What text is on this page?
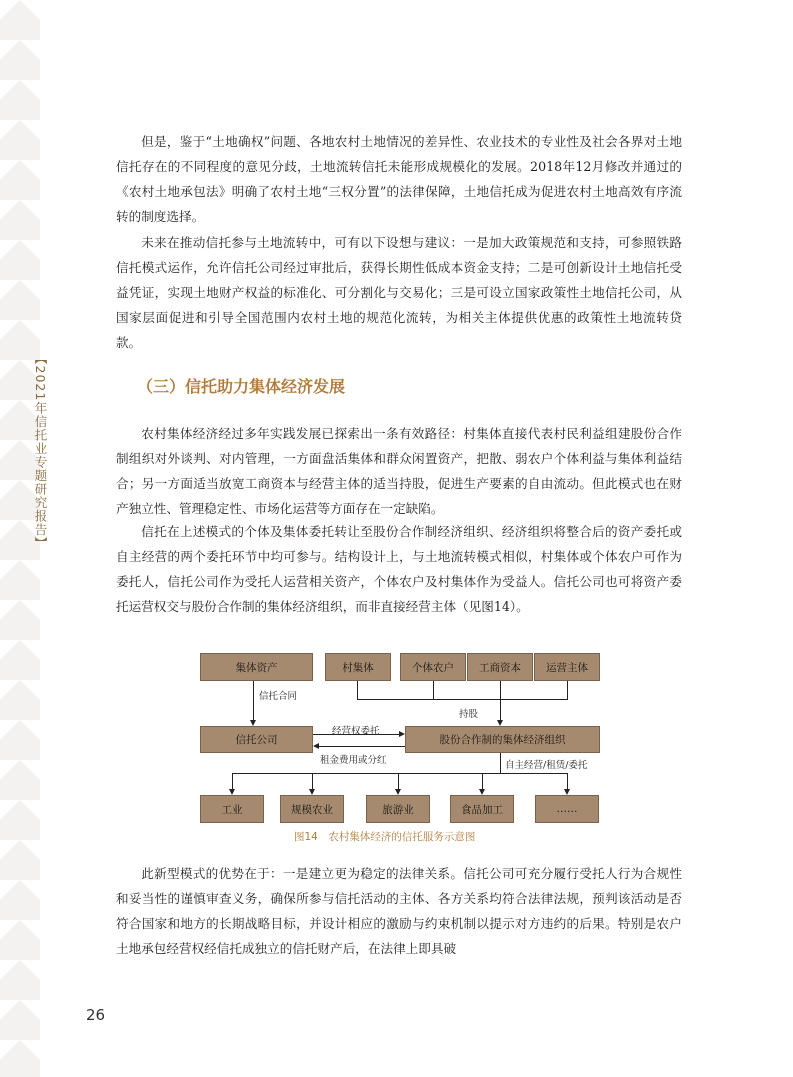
【2021年信托业专题研究报告】

但是，鉴于“土地确权”问题、各地农村土地情况的差异性、农业技术的专业性及社会各界对土地信托存在的不同程度的意见分歧，土地流转信托未能形成规模化的发展。2018年12月修改并通过的《农村土地承包法》明确了农村土地“三权分置”的法律保障，土地信托成为促进农村土地高效有序流转的制度选择。

未来在推动信托参与土地流转中，可有以下设想与建议：一是加大政策规范和支持，可参照铁路信托模式运作，允许信托公司经过审批后，获得长期性低成本资金支持；二是可创新设计土地信托受益凭证，实现土地财产权益的标准化、可分割化与交易化；三是可设立国家政策性土地信托公司，从国家层面促进和引导全国范围内农村土地的规范化流转，为相关主体提供优惠的政策性土地流转贷款。

（三）信托助力集体经济发展

农村集体经济经过多年实践发展已探索出一条有效路径：村集体直接代表村民利益组建股份合作制组织对外谈判、对内管理，一方面盘活集体和群众闲置资产，把散、弱农户个体利益与集体利益结合；另一方面适当放宽工商资本与经营主体的适当持股，促进生产要素的自由流动。但此模式也在财产独立性、管理稳定性、市场化运营等方面存在一定缺陷。

信托在上述模式的个体及集体委托转让至股份合作制经济组织、经济组织将整合后的资产委托或自主经营的两个委托环节中均可参与。结构设计上，与土地流转模式相似，村集体或个体农户可作为委托人，信托公司作为受托人运营相关资产，个体农户及村集体作为受益人。信托公司也可将资产委托运营权交与股份合作制的集体经济组织，而非直接经营主体（见图14）。

集体资产	村集体	个体农户	工商资本	运营主体
信托合同
持股
信托公司	股份合作制的集体经济组织
经营权委托
租金费用或分红	自主经营/租赁/委托
工业	规模农业	旅游业	食品加工	……
图14　农村集体经济的信托服务示意图

此新型模式的优势在于：一是建立更为稳定的法律关系。信托公司可充分履行受托人行为合规性和妥当性的谨慎审查义务，确保所参与信托活动的主体、各方关系均符合法律法规，预判该活动是否符合国家和地方的长期战略目标，并设计相应的激励与约束机制以提示对方违约的后果。特别是农户土地承包经营权经信托成独立的信托财产后，在法律上即具破

26
